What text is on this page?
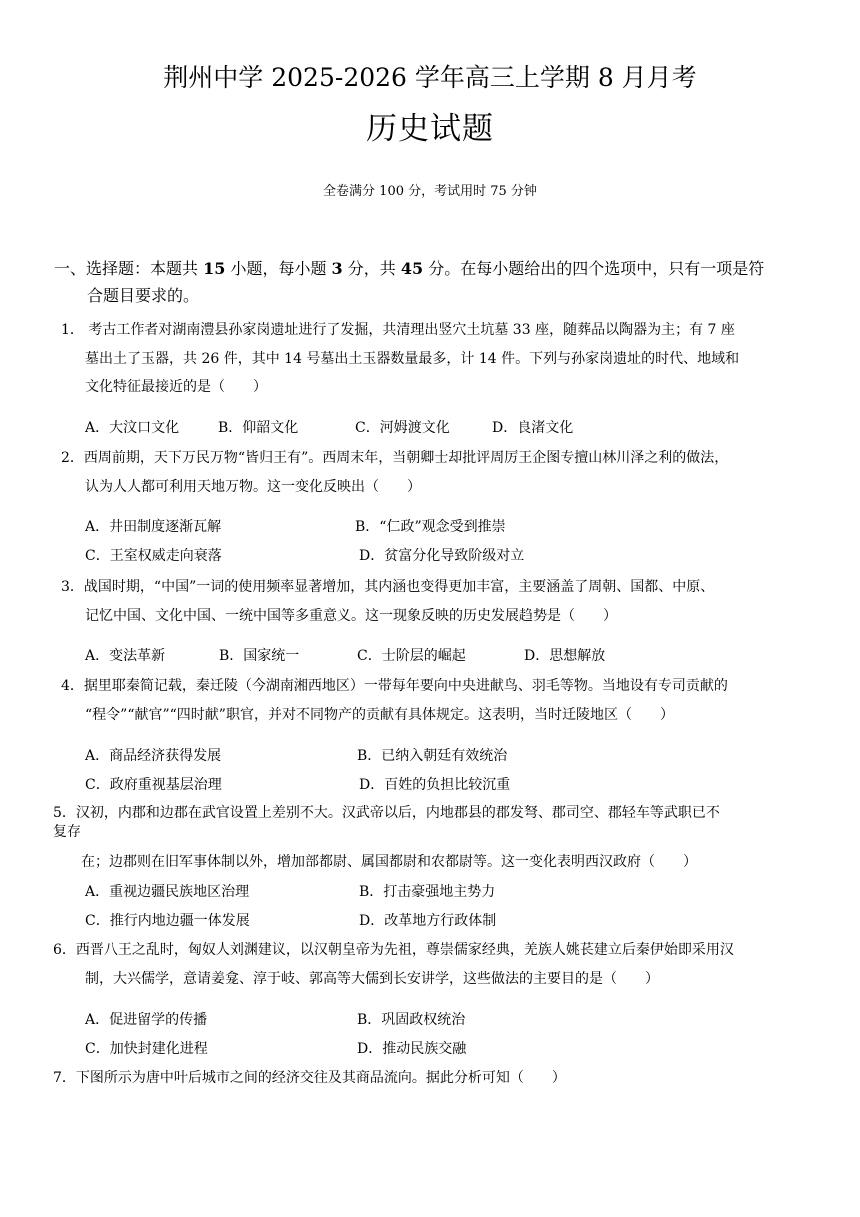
荆州中学 2025-2026 学年高三上学期 8 月月考
历史试题
全卷满分 100 分，考试用时 75 分钟
一、选择题：本题共 15 小题，每小题 3 分，共 45 分。在每小题给出的四个选项中，只有一项是符
合题目要求的。
1． 考古工作者对湖南澧县孙家岗遗址进行了发掘，共清理出竖穴土坑墓 33 座，随葬品以陶器为主；有 7 座
墓出土了玉器，共 26 件，其中 14 号墓出土玉器数量最多，计 14 件。下列与孙家岗遗址的时代、地域和
文化特征最接近的是（　　）
A．大汶口文化	B．仰韶文化	C．河姆渡文化	D．良渚文化
2．西周前期，天下万民万物“皆归王有”。西周末年，当朝卿士却批评周厉王企图专擅山林川泽之利的做法，
认为人人都可利用天地万物。这一变化反映出（　　）
A．井田制度逐渐瓦解	B．“仁政”观念受到推崇
C．王室权威走向衰落	D．贫富分化导致阶级对立
3．战国时期，“中国”一词的使用频率显著增加，其内涵也变得更加丰富，主要涵盖了周朝、国都、中原、
记忆中国、文化中国、一统中国等多重意义。这一现象反映的历史发展趋势是（　　）
A．变法革新	B．国家统一	C．士阶层的崛起	D．思想解放
4．据里耶秦简记载，秦迁陵（今湖南湘西地区）一带每年要向中央进献鸟、羽毛等物。当地设有专司贡献的
“程令”“献官”“四时献”职官，并对不同物产的贡献有具体规定。这表明，当时迁陵地区（　　）
A．商品经济获得发展	B．已纳入朝廷有效统治
C．政府重视基层治理	D．百姓的负担比较沉重
5．汉初，内郡和边郡在武官设置上差别不大。汉武帝以后，内地郡县的郡发弩、郡司空、郡轻车等武职已不
复存
在；边郡则在旧军事体制以外，增加部都尉、属国都尉和农都尉等。这一变化表明西汉政府（　　）
A．重视边疆民族地区治理	B．打击豪强地主势力
C．推行内地边疆一体发展	D．改革地方行政体制
6．西晋八王之乱时，匈奴人刘渊建议，以汉朝皇帝为先祖，尊崇儒家经典，羌族人姚苌建立后秦伊始即采用汉
制，大兴儒学，意请姜龛、淳于岐、郭高等大儒到长安讲学，这些做法的主要目的是（　　）
A．促进留学的传播	B．巩固政权统治
C．加快封建化进程	D．推动民族交融
7．下图所示为唐中叶后城市之间的经济交往及其商品流向。据此分析可知（　　）
